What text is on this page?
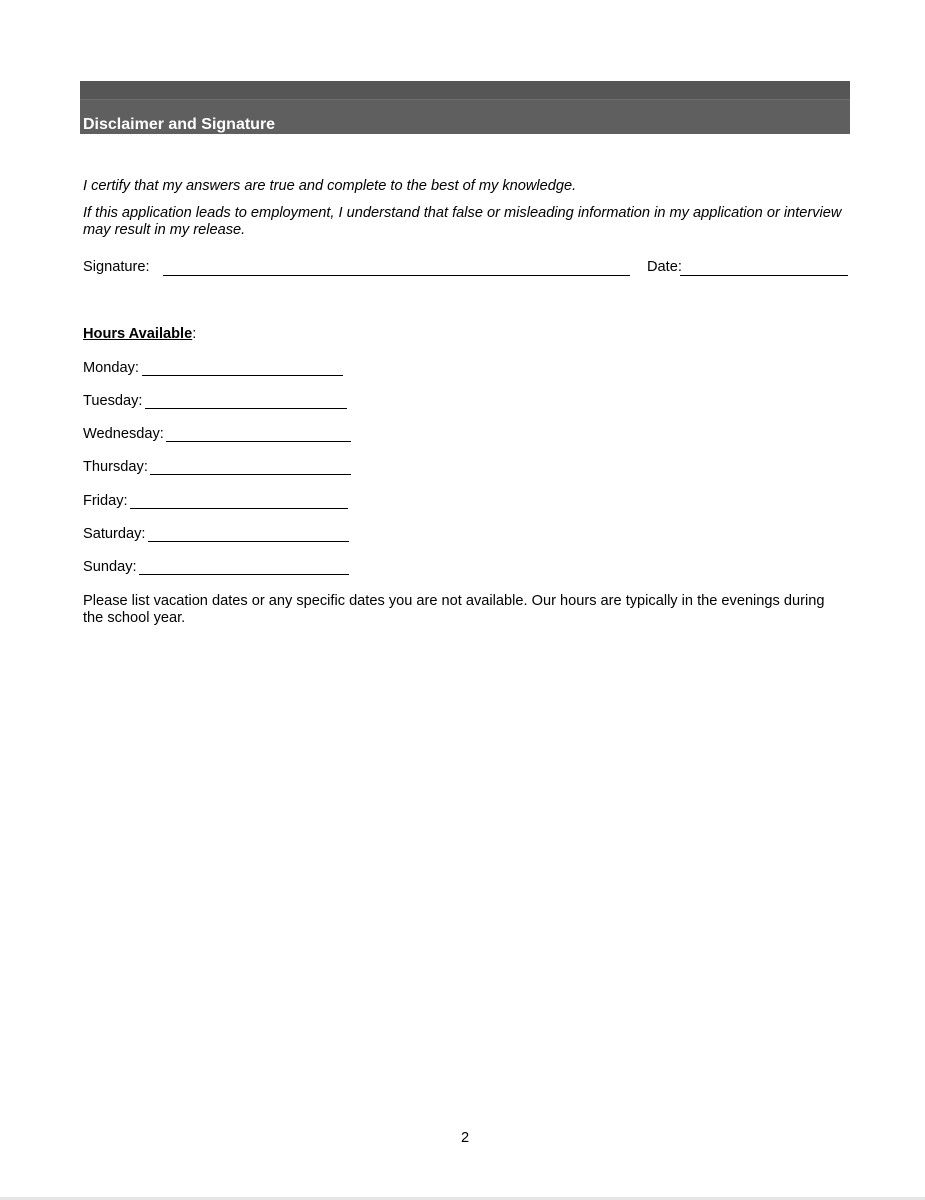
Disclaimer and Signature
I certify that my answers are true and complete to the best of my knowledge.
If this application leads to employment, I understand that false or misleading information in my application or interview may result in my release.
Signature:	Date:
Hours Available:
Monday:
Tuesday:
Wednesday:
Thursday:
Friday:
Saturday:
Sunday:
Please list vacation dates or any specific dates you are not available. Our hours are typically in the evenings during the school year.
2
